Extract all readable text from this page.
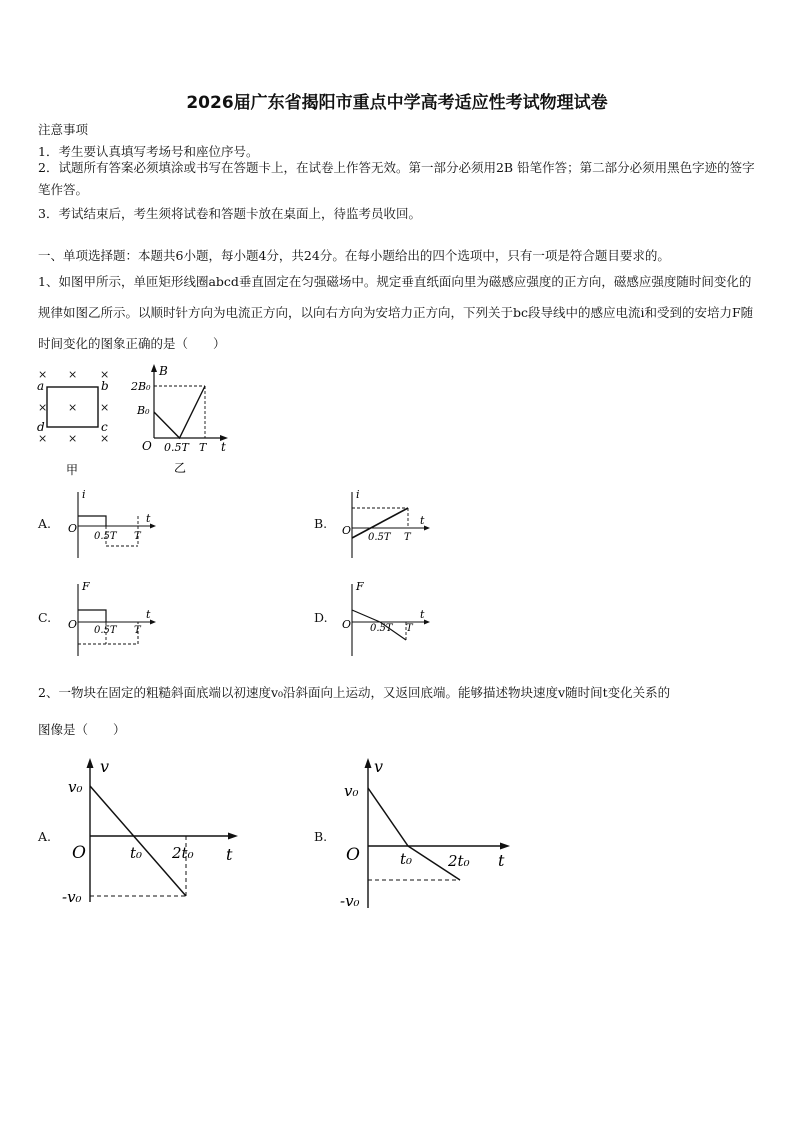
2026届广东省揭阳市重点中学高考适应性考试物理试卷
注意事项
1．考生要认真填写考场号和座位序号。
2．试题所有答案必须填涂或书写在答题卡上，在试卷上作答无效。第一部分必须用2B 铅笔作答；第二部分必须用黑色字迹的签字笔作答。
3．考试结束后，考生须将试卷和答题卡放在桌面上，待监考员收回。
一、单项选择题：本题共6小题，每小题4分，共24分。在每小题给出的四个选项中，只有一项是符合题目要求的。
1、如图甲所示，单匝矩形线圈abcd垂直固定在匀强磁场中。规定垂直纸面向里为磁感应强度的正方向，磁感应强度随时间变化的规律如图乙所示。以顺时针方向为电流正方向，以向右方向为安培力正方向，下列关于bc段导线中的感应电流i和受到的安培力F随时间变化的图象正确的是（　　）
× × ×
× × ×
× × ×
a	b
c
d
甲
B
t
O
2B₀
B₀
0.5T T
乙
A.
i
t
O
0.5T T
B.
i
t
O
0.5T T
C.
F
t
O 0.5T T
D.
F
t
O 0.5T T
2、一物块在固定的粗糙斜面底端以初速度v₀沿斜面向上运动，又返回底端。能够描述物块速度v随时间t变化关系的
图像是（　　）
A.
v
t
O
v₀
-v₀
t₀ 2t₀
B.
v
t
O
v₀
-v₀
t₀ 2t₀
